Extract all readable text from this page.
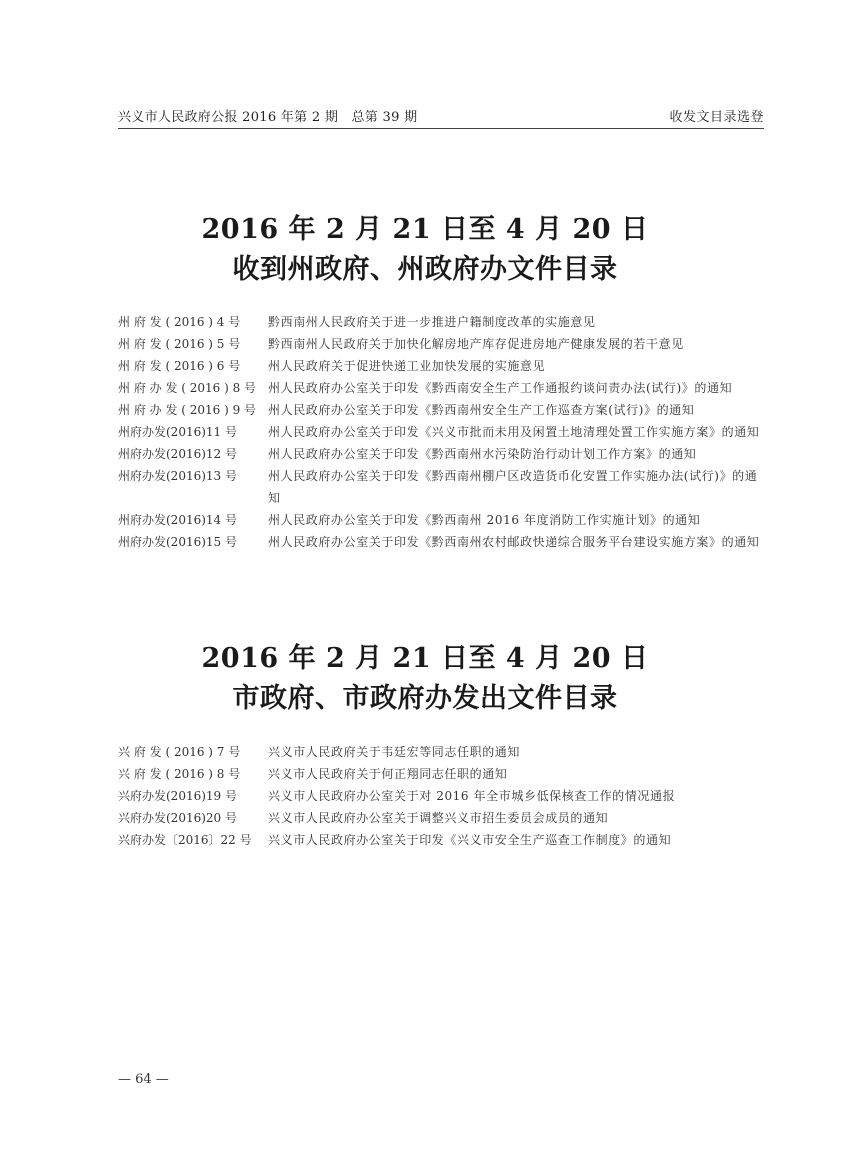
兴义市人民政府公报 2016 年第 2 期　总第 39 期	收发文目录选登
2016 年 2 月 21 日至 4 月 20 日
收到州政府、州政府办文件目录
州 府 发 ( 2016 ) 4 号	黔西南州人民政府关于进一步推进户籍制度改革的实施意见
州 府 发 ( 2016 ) 5 号	黔西南州人民政府关于加快化解房地产库存促进房地产健康发展的若干意见
州 府 发 ( 2016 ) 6 号	州人民政府关于促进快递工业加快发展的实施意见
州 府 办 发 ( 2016 ) 8 号 州人民政府办公室关于印发《黔西南安全生产工作通报约谈问责办法(试行)》的通知
州 府 办 发 ( 2016 ) 9 号 州人民政府办公室关于印发《黔西南州安全生产工作巡查方案(试行)》的通知
州府办发(2016)11 号	州人民政府办公室关于印发《兴义市批而未用及闲置土地清理处置工作实施方案》的通知
州府办发(2016)12 号	州人民政府办公室关于印发《黔西南州水污染防治行动计划工作方案》的通知
州府办发(2016)13 号	州人民政府办公室关于印发《黔西南州棚户区改造货币化安置工作实施办法(试行)》的通知
州府办发(2016)14 号	州人民政府办公室关于印发《黔西南州 2016 年度消防工作实施计划》的通知
州府办发(2016)15 号	州人民政府办公室关于印发《黔西南州农村邮政快递综合服务平台建设实施方案》的通知
2016 年 2 月 21 日至 4 月 20 日
市政府、市政府办发出文件目录
兴 府 发 ( 2016 ) 7 号	兴义市人民政府关于韦廷宏等同志任职的通知
兴 府 发 ( 2016 ) 8 号	兴义市人民政府关于何正翔同志任职的通知
兴府办发(2016)19 号	兴义市人民政府办公室关于对 2016 年全市城乡低保核查工作的情况通报
兴府办发(2016)20 号	兴义市人民政府办公室关于调整兴义市招生委员会成员的通知
兴府办发〔2016〕22 号	兴义市人民政府办公室关于印发《兴义市安全生产巡查工作制度》的通知
— 64 —
